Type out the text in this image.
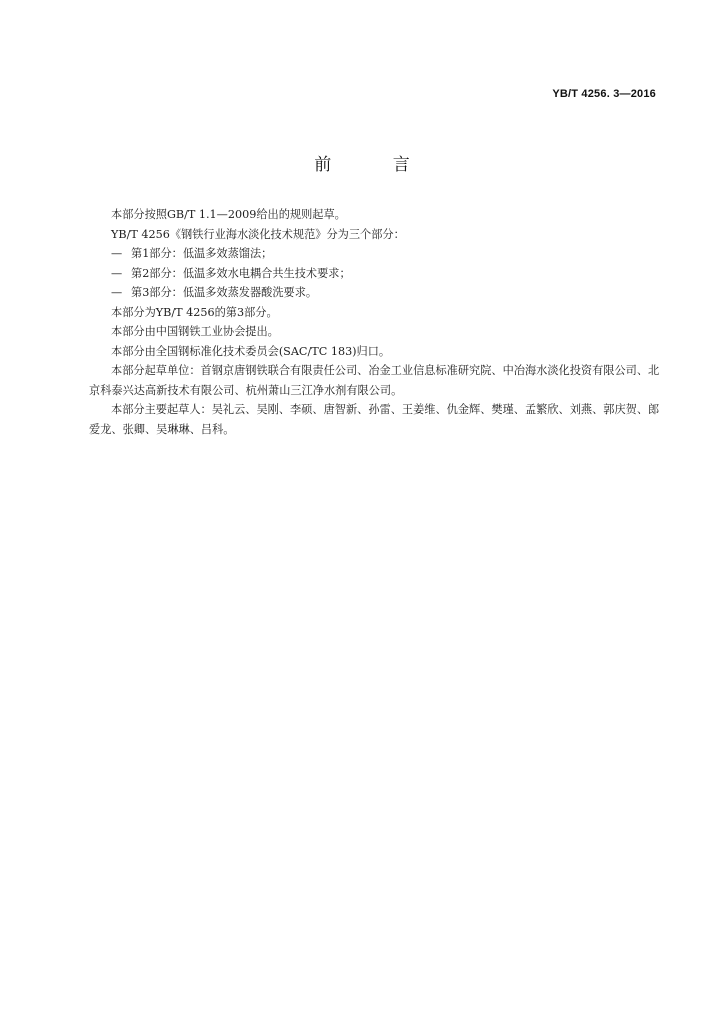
YB/T 4256. 3—2016
前 言

本部分按照GB/T 1.1—2009给出的规则起草。

YB/T 4256《钢铁行业海水淡化技术规范》分为三个部分：

— 第1部分：低温多效蒸馏法；

— 第2部分：低温多效水电耦合共生技术要求；

— 第3部分：低温多效蒸发器酸洗要求。

本部分为YB/T 4256的第3部分。

本部分由中国钢铁工业协会提出。

本部分由全国钢标准化技术委员会(SAC/TC 183)归口。

本部分起草单位：首钢京唐钢铁联合有限责任公司、冶金工业信息标准研究院、中冶海水淡化投资有限公司、北京科泰兴达高新技术有限公司、杭州萧山三江净水剂有限公司。

本部分主要起草人：吴礼云、吴刚、李硕、唐智新、孙雷、王姜维、仇金辉、樊瑾、孟繁欣、刘燕、郭庆贺、郎爱龙、张卿、吴琳琳、吕科。
